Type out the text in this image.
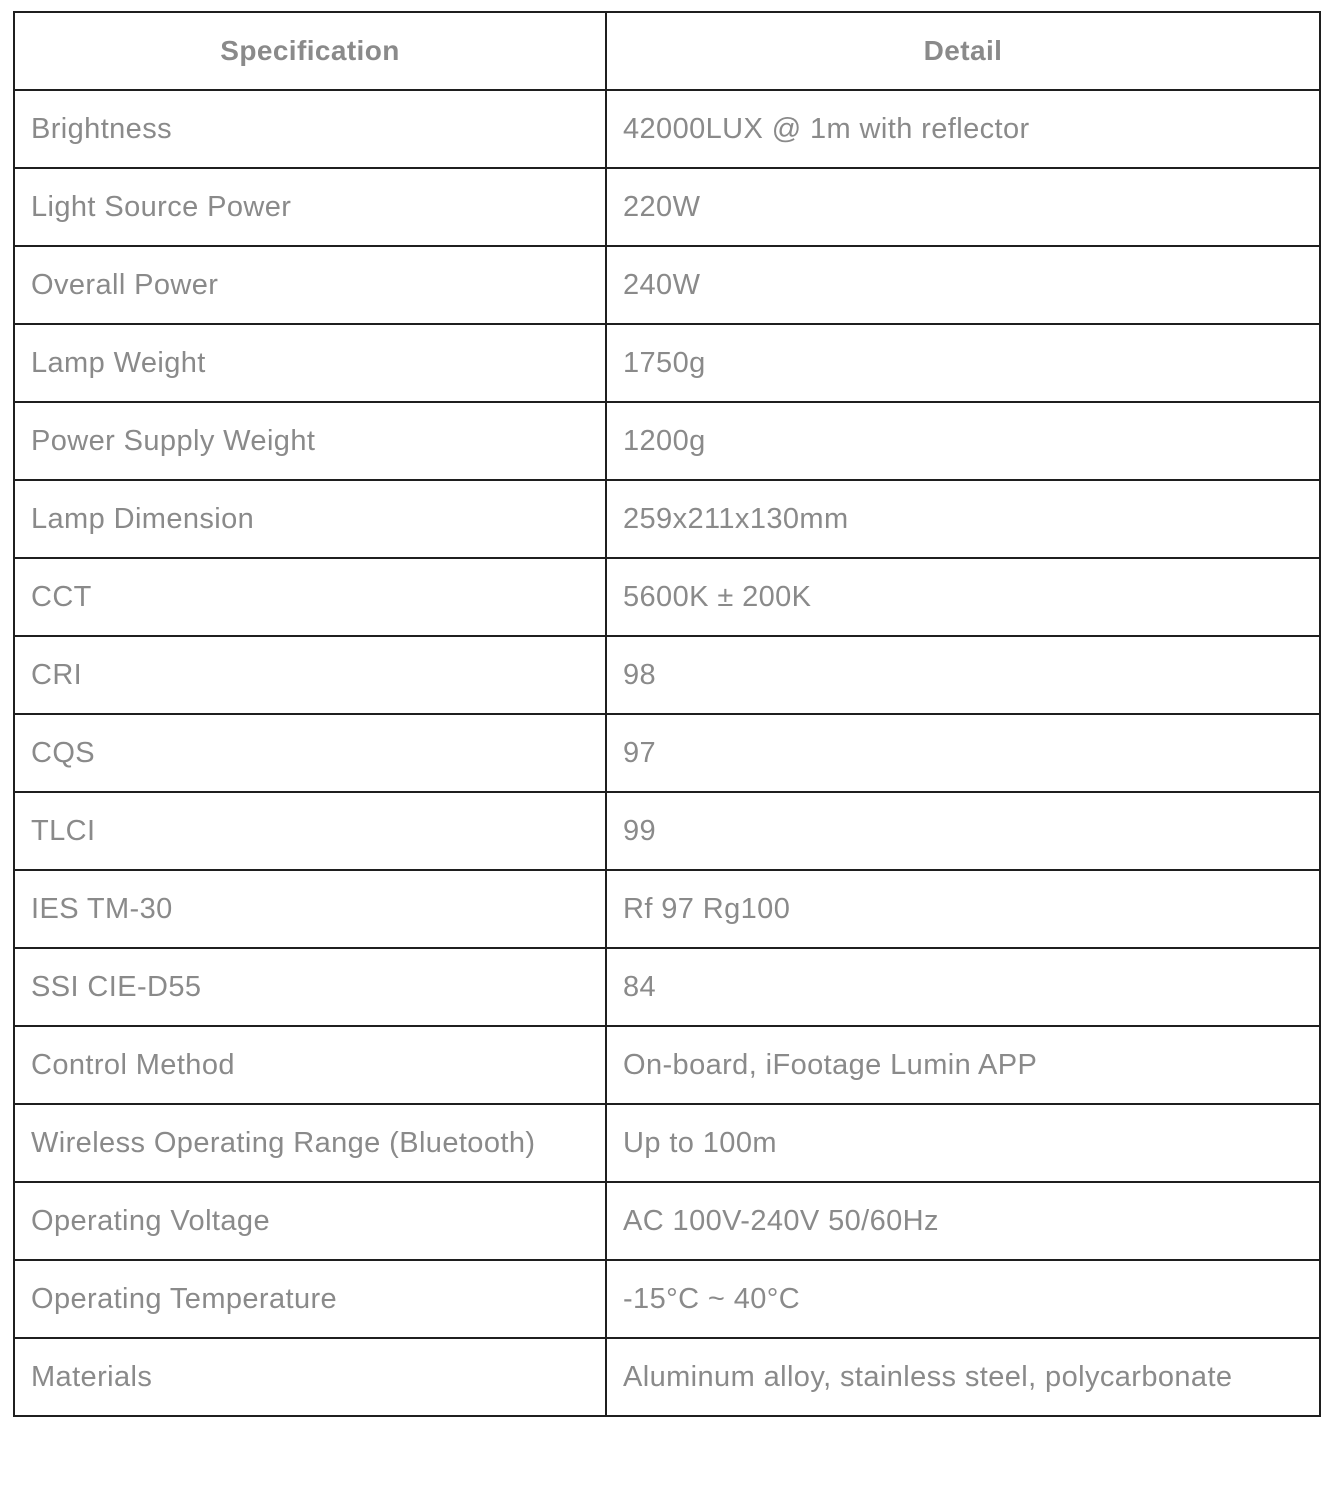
Specification	Detail
Brightness	42000LUX @ 1m with reflector
Light Source Power	220W
Overall Power	240W
Lamp Weight	1750g
Power Supply Weight	1200g
Lamp Dimension	259x211x130mm
CCT	5600K ± 200K
CRI	98
CQS	97
TLCI	99
IES TM-30	Rf 97 Rg100
SSI CIE-D55	84
Control Method	On-board, iFootage Lumin APP
Wireless Operating Range (Bluetooth)	Up to 100m
Operating Voltage	AC 100V-240V 50/60Hz
Operating Temperature	-15°C ~ 40°C
Materials	Aluminum alloy, stainless steel, polycarbonate
